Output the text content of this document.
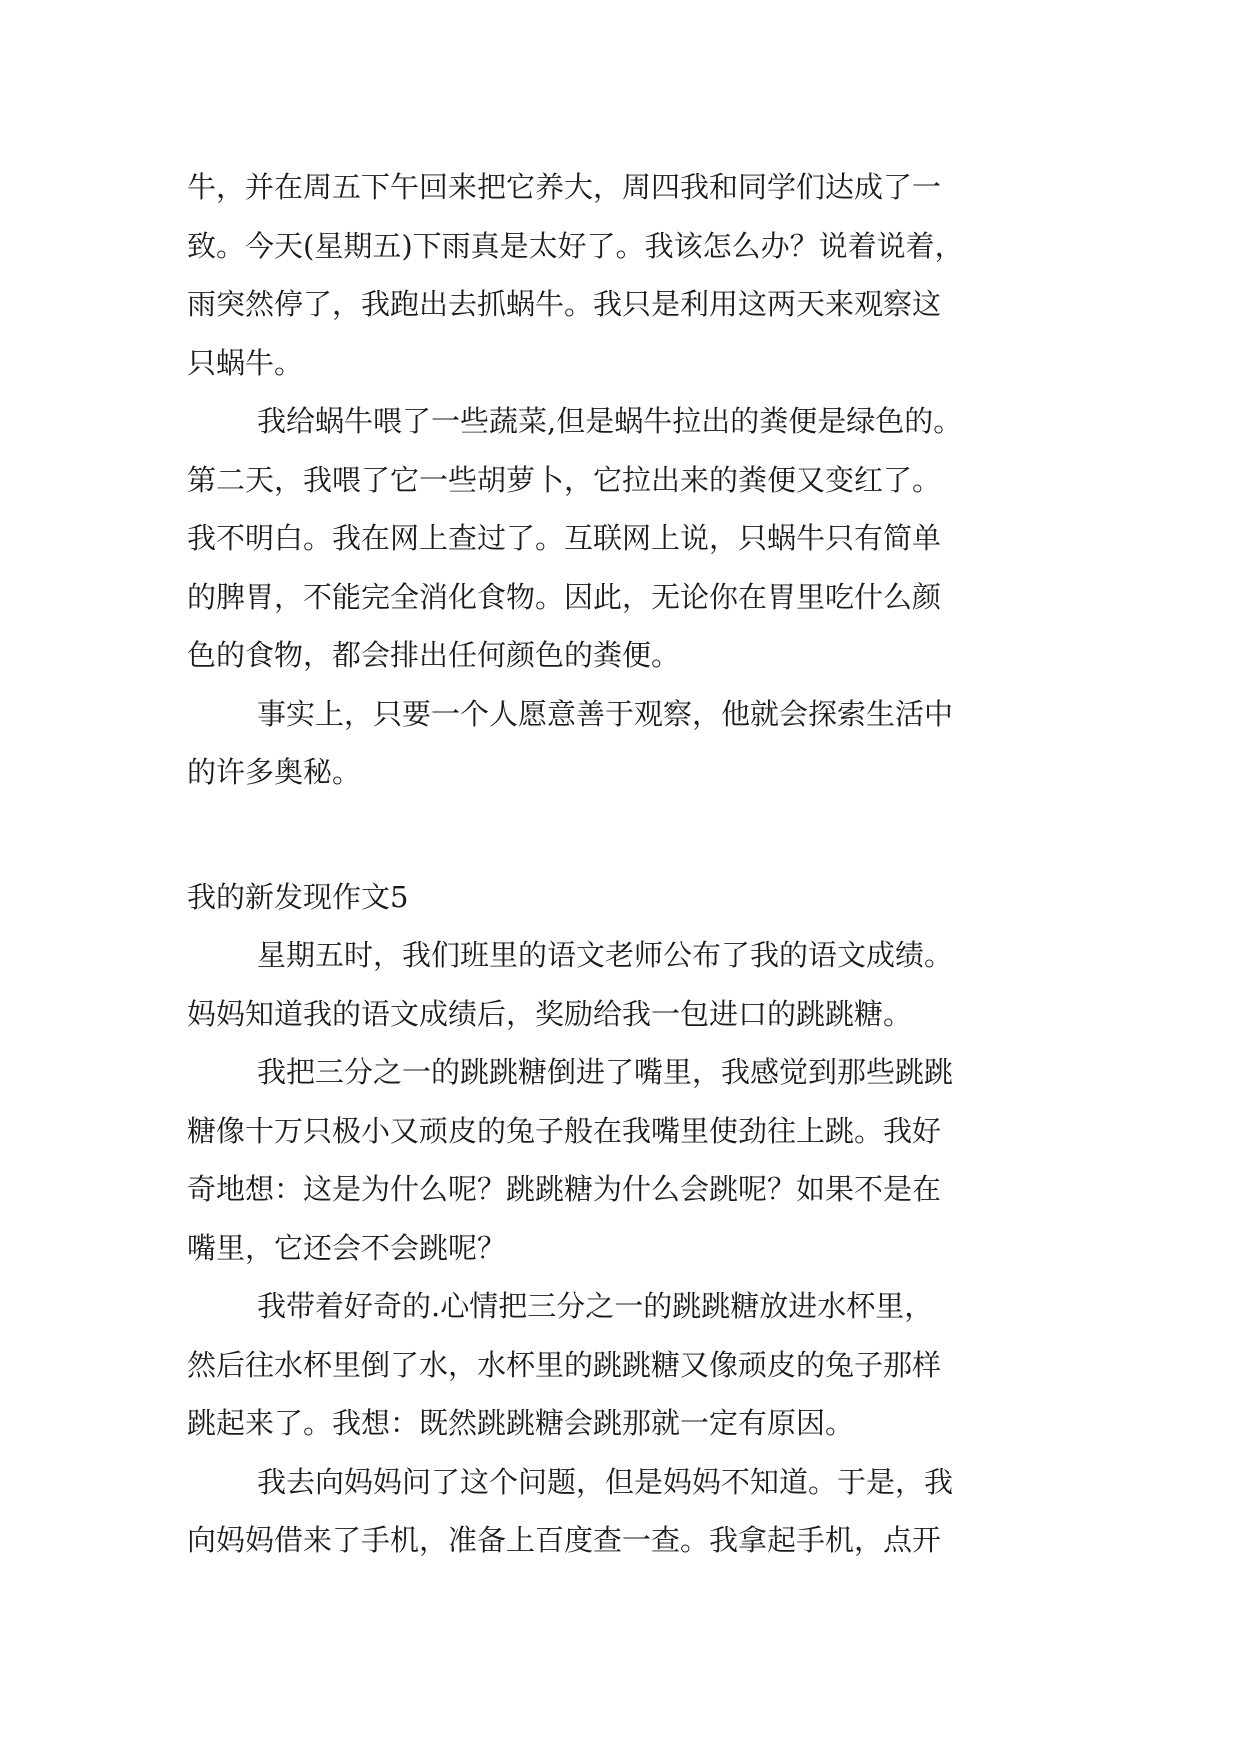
牛，并在周五下午回来把它养大，周四我和同学们达成了一
致。今天(星期五)下雨真是太好了。我该怎么办？说着说着，
雨突然停了，我跑出去抓蜗牛。我只是利用这两天来观察这
只蜗牛。

我给蜗牛喂了一些蔬菜,但是蜗牛拉出的粪便是绿色的。
第二天，我喂了它一些胡萝卜，它拉出来的粪便又变红了。
我不明白。我在网上查过了。互联网上说，只蜗牛只有简单
的脾胃，不能完全消化食物。因此，无论你在胃里吃什么颜
色的食物，都会排出任何颜色的粪便。

事实上，只要一个人愿意善于观察，他就会探索生活中
的许多奥秘。

我的新发现作文5

星期五时，我们班里的语文老师公布了我的语文成绩。
妈妈知道我的语文成绩后，奖励给我一包进口的跳跳糖。

我把三分之一的跳跳糖倒进了嘴里，我感觉到那些跳跳
糖像十万只极小又顽皮的兔子般在我嘴里使劲往上跳。我好
奇地想：这是为什么呢？跳跳糖为什么会跳呢？如果不是在
嘴里，它还会不会跳呢？

我带着好奇的.心情把三分之一的跳跳糖放进水杯里，
然后往水杯里倒了水，水杯里的跳跳糖又像顽皮的兔子那样
跳起来了。我想：既然跳跳糖会跳那就一定有原因。

我去向妈妈问了这个问题，但是妈妈不知道。于是，我
向妈妈借来了手机，准备上百度查一查。我拿起手机，点开
